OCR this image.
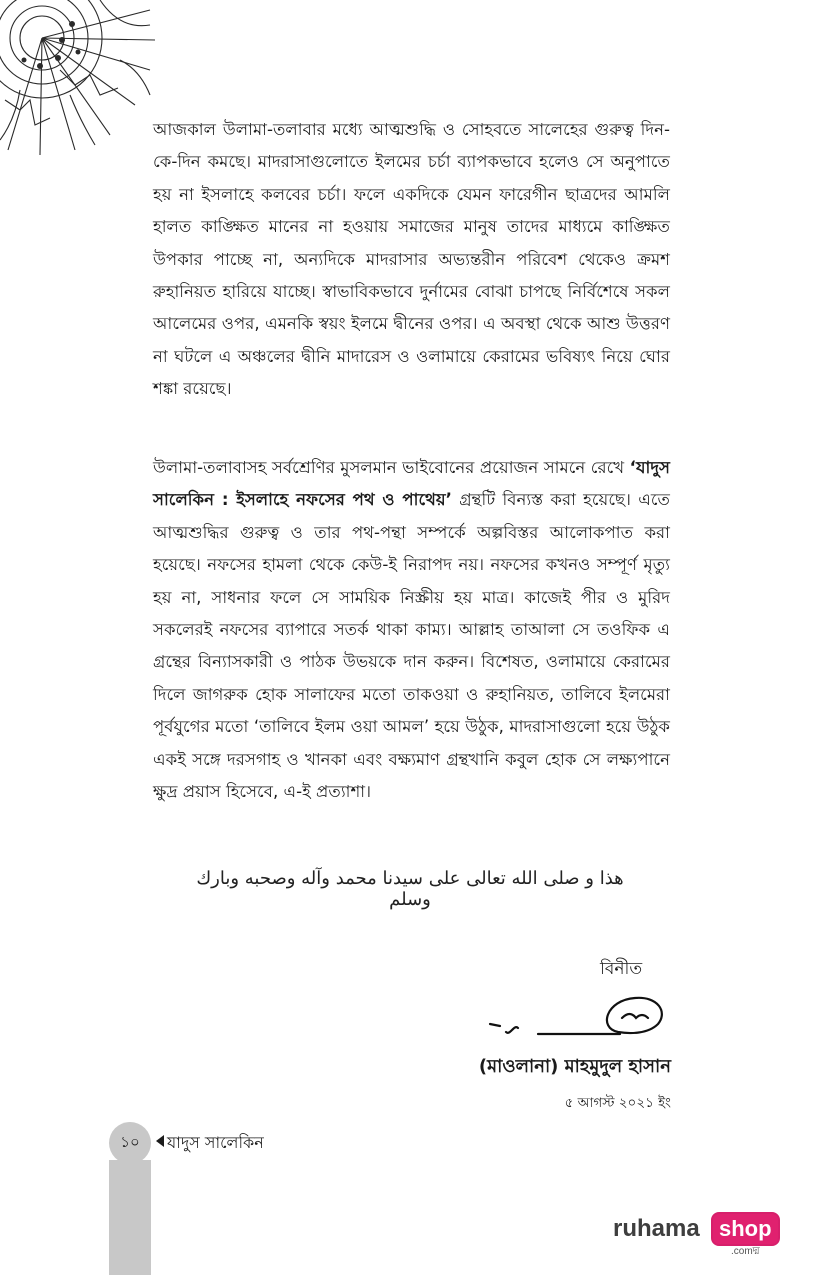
আজকাল উলামা-তলাবার মধ্যে আত্মশুদ্ধি ও সোহবতে সালেহের গুরুত্ব দিন-কে-দিন কমছে। মাদরাসাগুলোতে ইলমের চর্চা ব্যাপকভাবে হলেও সে অনুপাতে হয় না ইসলাহে কলবের চর্চা। ফলে একদিকে যেমন ফারেগীন ছাত্রদের আমলি হালত কাঙ্ক্ষিত মানের না হওয়ায় সমাজের মানুষ তাদের মাধ্যমে কাঙ্ক্ষিত উপকার পাচ্ছে না, অন্যদিকে মাদরাসার অভ্যন্তরীন পরিবেশ থেকেও ক্রমশ রুহানিয়ত হারিয়ে যাচ্ছে। স্বাভাবিকভাবে দুর্নামের বোঝা চাপছে নির্বিশেষে সকল আলেমের ওপর, এমনকি স্বয়ং ইলমে দ্বীনের ওপর। এ অবস্থা থেকে আশু উত্তরণ না ঘটলে এ অঞ্চলের দ্বীনি মাদারেস ও ওলামায়ে কেরামের ভবিষ্যৎ নিয়ে ঘোর শঙ্কা রয়েছে।

উলামা-তলাবাসহ সর্বশ্রেণির মুসলমান ভাইবোনের প্রয়োজন সামনে রেখে ‘যাদুস সালেকিন : ইসলাহে নফসের পথ ও পাথেয়’ গ্রন্থটি বিন্যস্ত করা হয়েছে। এতে আত্মশুদ্ধির গুরুত্ব ও তার পথ-পন্থা সম্পর্কে অল্পবিস্তর আলোকপাত করা হয়েছে। নফসের হামলা থেকে কেউ-ই নিরাপদ নয়। নফসের কখনও সম্পূর্ণ মৃত্যু হয় না, সাধনার ফলে সে সাময়িক নিস্ক্রীয় হয় মাত্র। কাজেই পীর ও মুরিদ সকলেরই নফসের ব্যাপারে সতর্ক থাকা কাম্য। আল্লাহ তাআলা সে তওফিক এ গ্রন্থের বিন্যাসকারী ও পাঠক উভয়কে দান করুন। বিশেষত, ওলামায়ে কেরামের দিলে জাগরুক হোক সালাফের মতো তাকওয়া ও রুহানিয়ত, তালিবে ইলমেরা পূর্বযুগের মতো ‘তালিবে ইলম ওয়া আমল’ হয়ে উঠুক, মাদরাসাগুলো হয়ে উঠুক একই সঙ্গে দরসগাহ ও খানকা এবং বক্ষ্যমাণ গ্রন্থখানি কবুল হোক সে লক্ষ্যপানে ক্ষুদ্র প্রয়াস হিসেবে, এ-ই প্রত্যাশা।

هذا و صلى الله تعالى على سيدنا محمد وآله وصحبه وبارك وسلم
বিনীত
(মাওলানা) মাহমুদুল হাসান
৫ আগস্ট ২০২১ ইং
১০	যাদুস সালেকিন
ruhama shop
.comদ্ম
